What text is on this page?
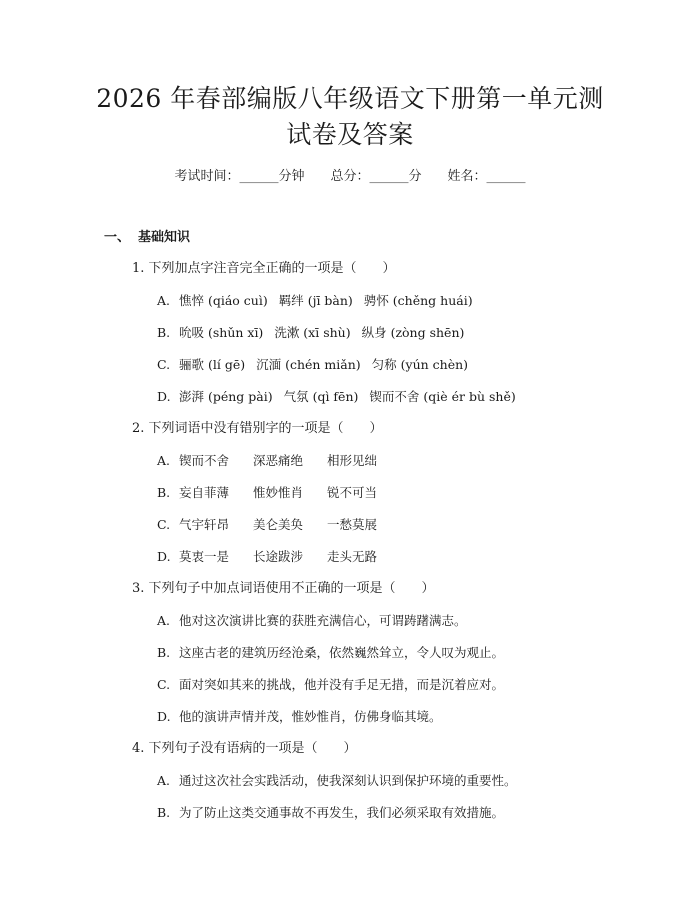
2026 年春部编版八年级语文下册第一单元测
试卷及答案
考试时间：______分钟 总分：______分 姓名：______
一、 基础知识
1. 下列加点字注音完全正确的一项是（　　）
A. 憔悴 (qiáo cuì) 羁绊 (jī bàn) 骋怀 (chěng huái)
B. 吮吸 (shǔn xī) 洗漱 (xī shù) 纵身 (zòng shēn)
C. 骊歌 (lí gē) 沉湎 (chén miǎn) 匀称 (yún chèn)
D. 澎湃 (péng pài) 气氛 (qì fēn) 锲而不舍 (qiè ér bù shě)
2. 下列词语中没有错别字的一项是（　　）
A. 锲而不舍 深恶痛绝 相形见绌
B. 妄自菲薄 惟妙惟肖 锐不可当
C. 气宇轩昂 美仑美奂 一愁莫展
D. 莫衷一是 长途跋涉 走头无路
3. 下列句子中加点词语使用不正确的一项是（　　）
A. 他对这次演讲比赛的获胜充满信心，可谓踌躇满志。
B. 这座古老的建筑历经沧桑，依然巍然耸立，令人叹为观止。
C. 面对突如其来的挑战，他并没有手足无措，而是沉着应对。
D. 他的演讲声情并茂，惟妙惟肖，仿佛身临其境。
4. 下列句子没有语病的一项是（　　）
A. 通过这次社会实践活动，使我深刻认识到保护环境的重要性。
B. 为了防止这类交通事故不再发生，我们必须采取有效措施。
